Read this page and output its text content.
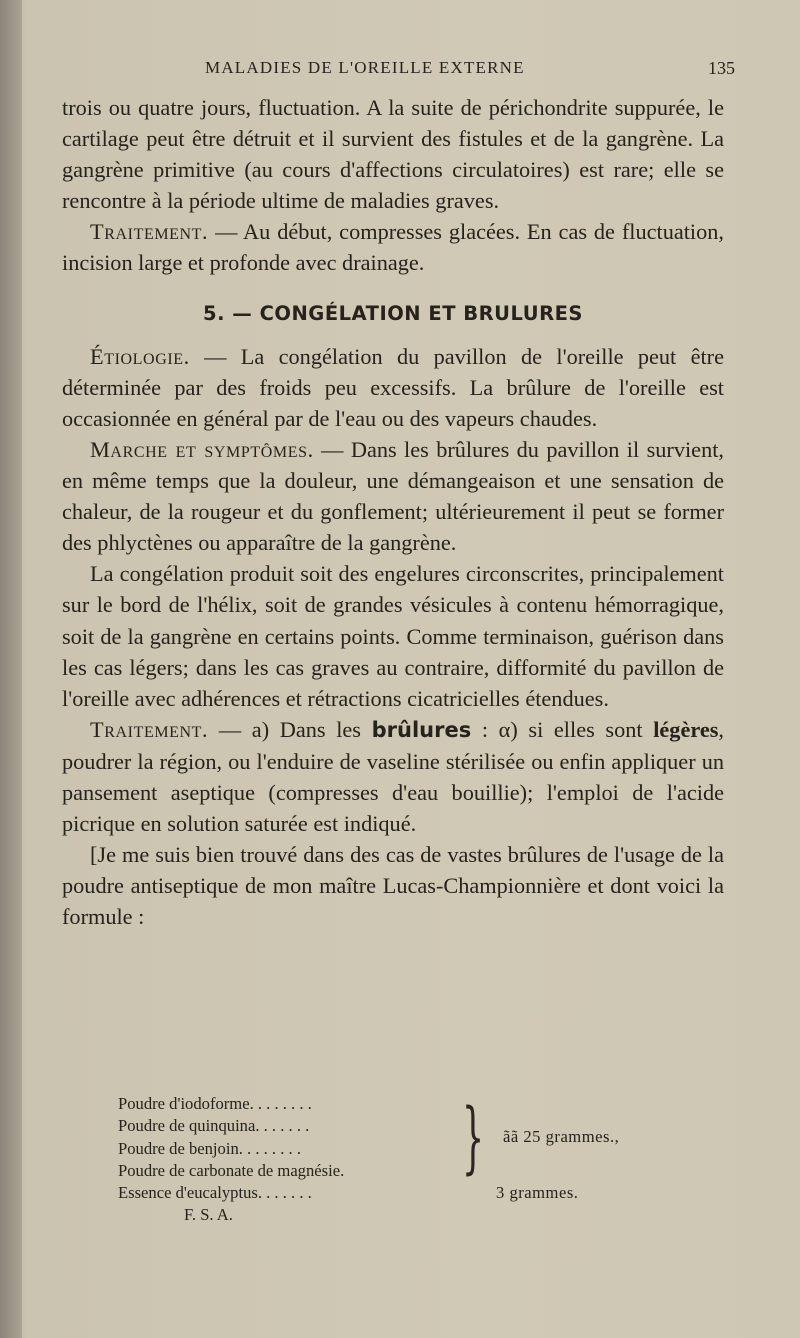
MALADIES DE L'OREILLE EXTERNE	135

trois ou quatre jours, fluctuation. A la suite de périchondrite suppurée, le cartilage peut être détruit et il survient des fistules et de la gangrène. La gangrène primitive (au cours d'affections circulatoires) est rare; elle se rencontre à la période ultime de maladies graves.

Traitement. — Au début, compresses glacées. En cas de fluctuation, incision large et profonde avec drainage.

5. — CONGÉLATION ET BRULURES

Étiologie. — La congélation du pavillon de l'oreille peut être déterminée par des froids peu excessifs. La brûlure de l'oreille est occasionnée en général par de l'eau ou des vapeurs chaudes.

Marche et symptômes. — Dans les brûlures du pavillon il survient, en même temps que la douleur, une démangeaison et une sensation de chaleur, de la rougeur et du gonflement; ultérieurement il peut se former des phlyctènes ou apparaître de la gangrène.

La congélation produit soit des engelures circonscrites, principalement sur le bord de l'hélix, soit de grandes vésicules à contenu hémorragique, soit de la gangrène en certains points. Comme terminaison, guérison dans les cas légers; dans les cas graves au contraire, difformité du pavillon de l'oreille avec adhérences et rétractions cicatricielles étendues.

Traitement. — a) Dans les brûlures : α) si elles sont légères, poudrer la région, ou l'enduire de vaseline stérilisée ou enfin appliquer un pansement aseptique (compresses d'eau bouillie); l'emploi de l'acide picrique en solution saturée est indiqué.

[Je me suis bien trouvé dans des cas de vastes brûlures de l'usage de la poudre antiseptique de mon maître Lucas-Championnière et dont voici la formule :

Poudre d'iodoforme. . . . . . . .
Poudre de quinquina. . . . . . .
Poudre de benjoin. . . . . . . .
Poudre de carbonate de magnésie.
Essence d'eucalyptus. . . . . . .
F. S. A.
} ãã 25 grammes.,
3 grammes.
